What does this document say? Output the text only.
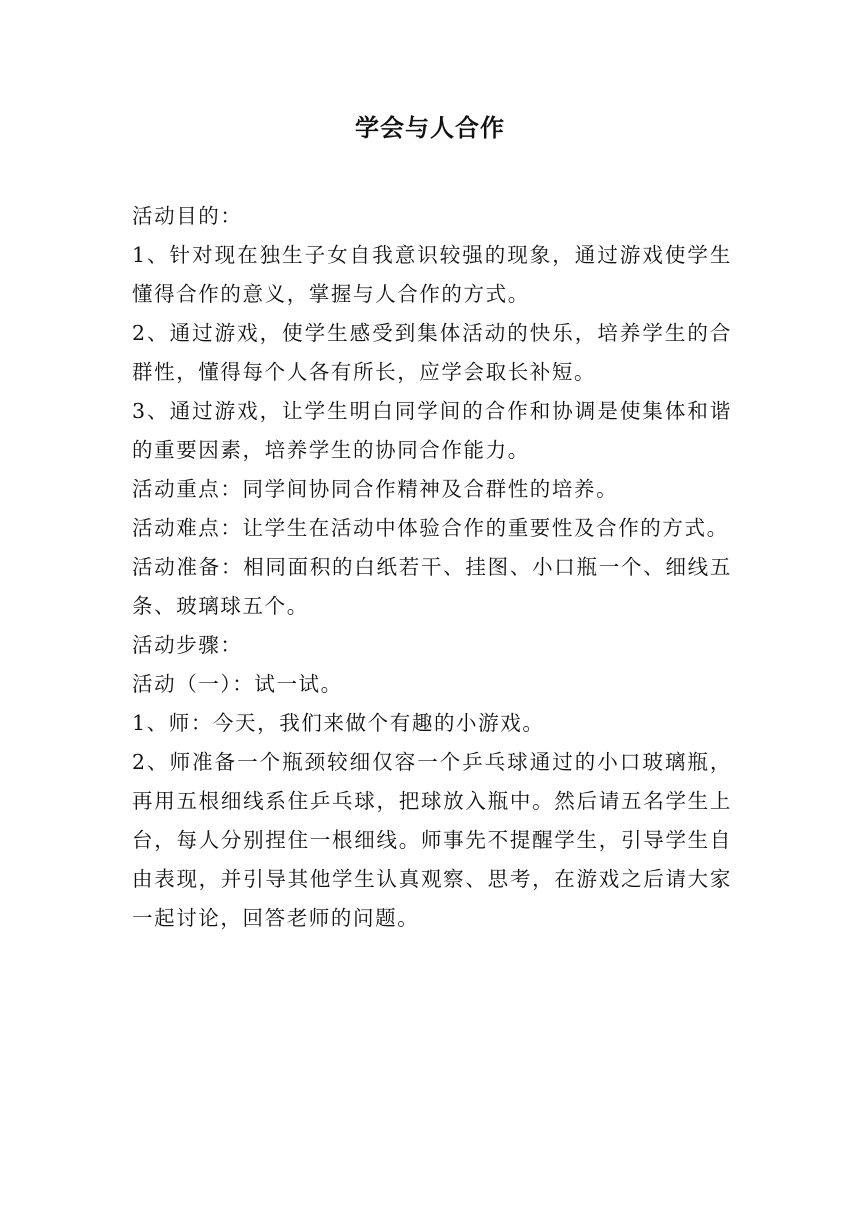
学会与人合作

活动目的：

1、针对现在独生子女自我意识较强的现象，通过游戏使学生懂得合作的意义，掌握与人合作的方式。

2、通过游戏，使学生感受到集体活动的快乐，培养学生的合群性，懂得每个人各有所长，应学会取长补短。

3、通过游戏，让学生明白同学间的合作和协调是使集体和谐的重要因素，培养学生的协同合作能力。

活动重点：同学间协同合作精神及合群性的培养。

活动难点：让学生在活动中体验合作的重要性及合作的方式。

活动准备：相同面积的白纸若干、挂图、小口瓶一个、细线五条、玻璃球五个。

活动步骤：

活动（一）：试一试。

1、师：今天，我们来做个有趣的小游戏。

2、师准备一个瓶颈较细仅容一个乒乓球通过的小口玻璃瓶，再用五根细线系住乒乓球，把球放入瓶中。然后请五名学生上台，每人分别捏住一根细线。师事先不提醒学生，引导学生自由表现，并引导其他学生认真观察、思考，在游戏之后请大家一起讨论，回答老师的问题。
